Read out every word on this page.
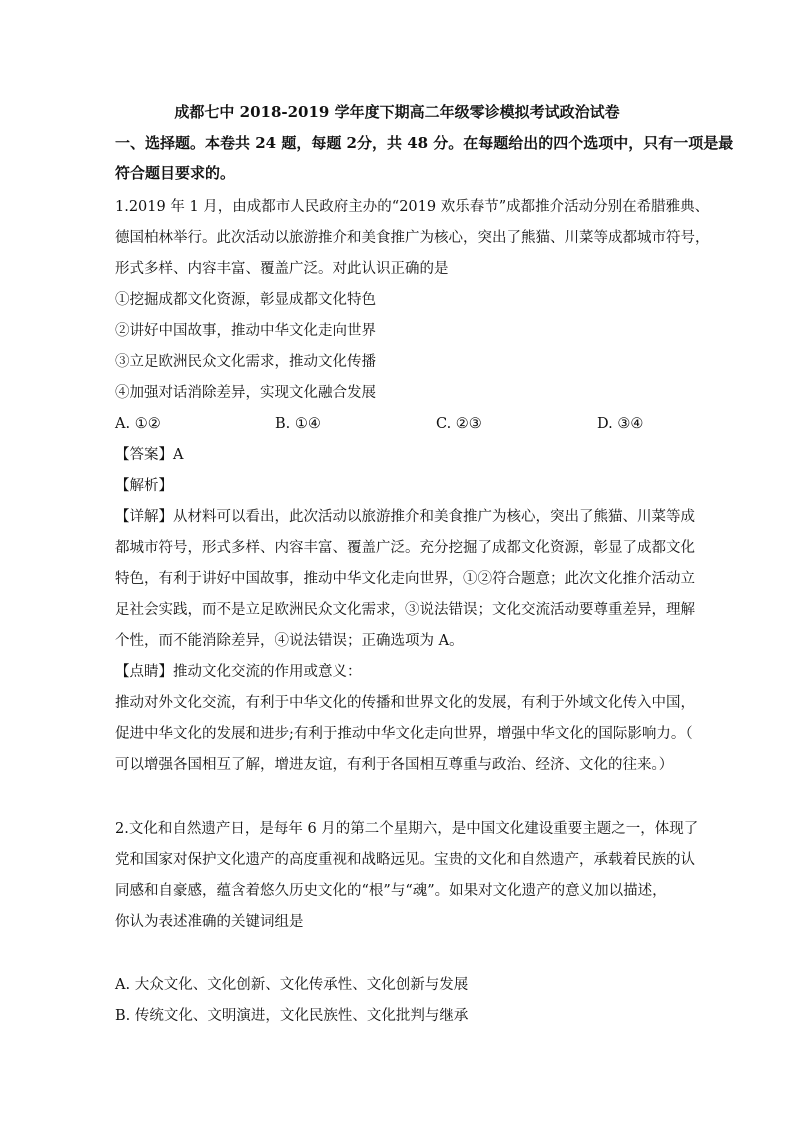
成都七中 2018-2019 学年度下期高二年级零诊模拟考试政治试卷
一、选择题。本卷共 24 题，每题 2分，共 48 分。在每题给出的四个选项中，只有一项是最
符合题目要求的。
1.2019 年 1 月，由成都市人民政府主办的“2019 欢乐春节”成都推介活动分别在希腊雅典、
德国柏林举行。此次活动以旅游推介和美食推广为核心，突出了熊猫、川菜等成都城市符号，
形式多样、内容丰富、覆盖广泛。对此认识正确的是
①挖掘成都文化资源，彰显成都文化特色
②讲好中国故事，推动中华文化走向世界
③立足欧洲民众文化需求，推动文化传播
④加强对话消除差异，实现文化融合发展
A. ①②	B. ①④	C. ②③	D. ③④
【答案】A
【解析】
【详解】从材料可以看出，此次活动以旅游推介和美食推广为核心，突出了熊猫、川菜等成
都城市符号，形式多样、内容丰富、覆盖广泛。充分挖掘了成都文化资源，彰显了成都文化
特色，有利于讲好中国故事，推动中华文化走向世界，①②符合题意；此次文化推介活动立
足社会实践，而不是立足欧洲民众文化需求，③说法错误；文化交流活动要尊重差异，理解
个性，而不能消除差异，④说法错误；正确选项为 A。
【点睛】推动文化交流的作用或意义：
推动对外文化交流，有利于中华文化的传播和世界文化的发展，有利于外域文化传入中国，
促进中华文化的发展和进步;有利于推动中华文化走向世界，增强中华文化的国际影响力。（
可以增强各国相互了解，增进友谊，有利于各国相互尊重与政治、经济、文化的往来。）
2.文化和自然遗产日，是每年 6 月的第二个星期六，是中国文化建设重要主题之一，体现了
党和国家对保护文化遗产的高度重视和战略远见。宝贵的文化和自然遗产，承载着民族的认
同感和自豪感，蕴含着悠久历史文化的“根”与“魂”。如果对文化遗产的意义加以描述，
你认为表述准确的关键词组是
A. 大众文化、文化创新、文化传承性、文化创新与发展
B. 传统文化、文明演进，文化民族性、文化批判与继承
